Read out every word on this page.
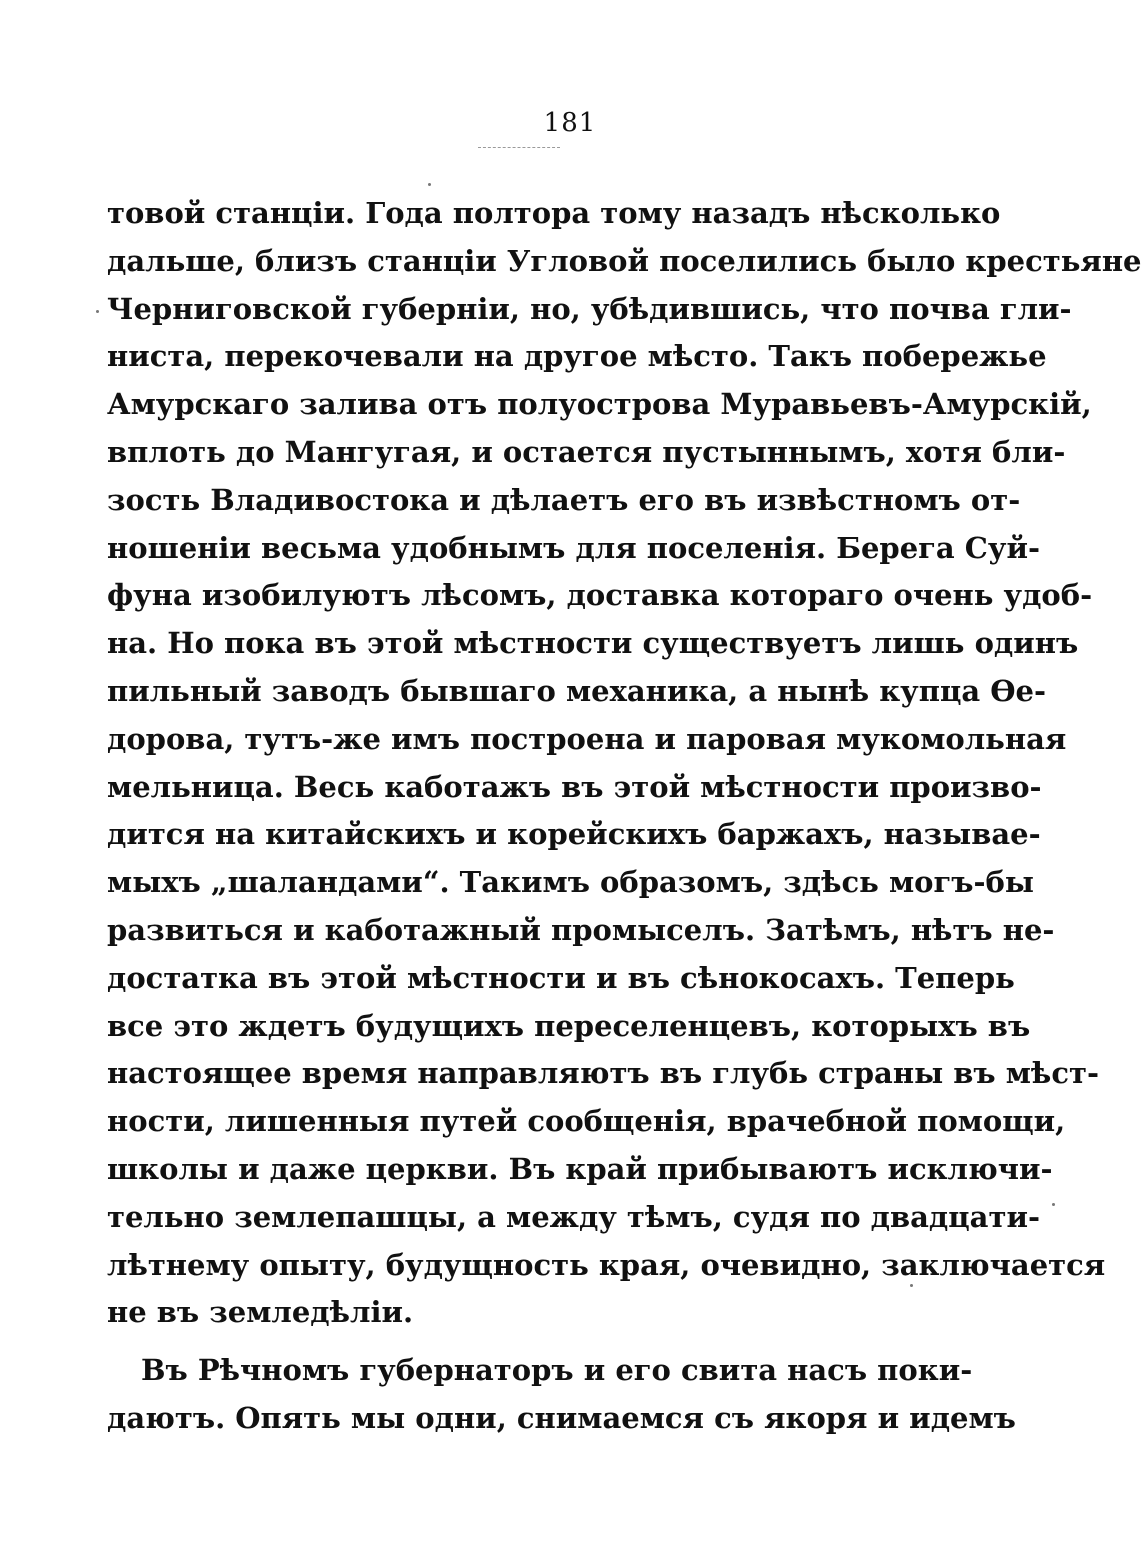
181
товой станціи. Года полтора тому назадъ нѣсколько
дальше, близъ станціи Угловой поселились было крестьяне
Черниговской губерніи, но, убѣдившись, что почва гли-
ниста, перекочевали на другое мѣсто. Такъ побережье
Амурскаго залива отъ полуострова Муравьевъ-Амурскій,
вплоть до Мангугая, и остается пустыннымъ, хотя бли-
зость Владивостока и дѣлаетъ его въ извѣстномъ от-
ношеніи весьма удобнымъ для поселенія. Берега Суй-
фуна изобилуютъ лѣсомъ, доставка котораго очень удоб-
на. Но пока въ этой мѣстности существуетъ лишь одинъ
пильный заводъ бывшаго механика, а нынѣ купца Ѳе-
дорова, тутъ-же имъ построена и паровая мукомольная
мельница. Весь каботажъ въ этой мѣстности произво-
дится на китайскихъ и корейскихъ баржахъ, называе-
мыхъ „шаландами“. Такимъ образомъ, здѣсь могъ-бы
развиться и каботажный промыселъ. Затѣмъ, нѣтъ не-
достатка въ этой мѣстности и въ сѣнокосахъ. Теперь
все это ждетъ будущихъ переселенцевъ, которыхъ въ
настоящее время направляютъ въ глубь страны въ мѣст-
ности, лишенныя путей сообщенія, врачебной помощи,
школы и даже церкви. Въ край прибываютъ исключи-
тельно землепашцы, а между тѣмъ, судя по двадцати-
лѣтнему опыту, будущность края, очевидно, заключается
не въ земледѣліи.
Въ Рѣчномъ губернаторъ и его свита насъ поки-
даютъ. Опять мы одни, снимаемся съ якоря и идемъ
